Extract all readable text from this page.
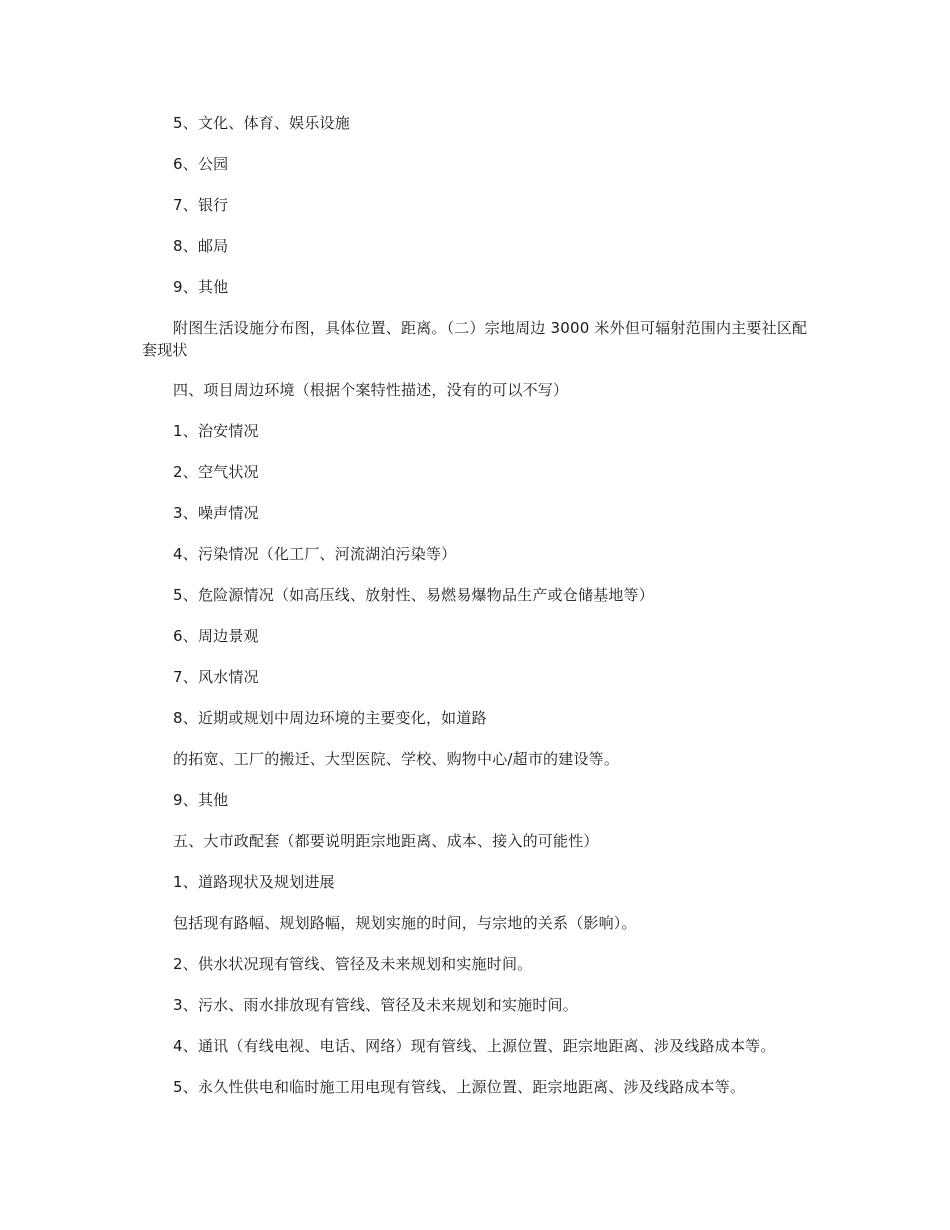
5、文化、体育、娱乐设施
6、公园
7、银行
8、邮局
9、其他
附图生活设施分布图，具体位置、距离。（二）宗地周边 3000 米外但可辐射范围内主要社区配套现状
四、项目周边环境（根据个案特性描述，没有的可以不写）
1、治安情况
2、空气状况
3、噪声情况
4、污染情况（化工厂、河流湖泊污染等）
5、危险源情况（如高压线、放射性、易燃易爆物品生产或仓储基地等）
6、周边景观
7、风水情况
8、近期或规划中周边环境的主要变化，如道路
的拓宽、工厂的搬迁、大型医院、学校、购物中心/超市的建设等。
9、其他
五、大市政配套（都要说明距宗地距离、成本、接入的可能性）
1、道路现状及规划进展
包括现有路幅、规划路幅，规划实施的时间，与宗地的关系（影响）。
2、供水状况现有管线、管径及未来规划和实施时间。
3、污水、雨水排放现有管线、管径及未来规划和实施时间。
4、通讯（有线电视、电话、网络）现有管线、上源位置、距宗地距离、涉及线路成本等。
5、永久性供电和临时施工用电现有管线、上源位置、距宗地距离、涉及线路成本等。
